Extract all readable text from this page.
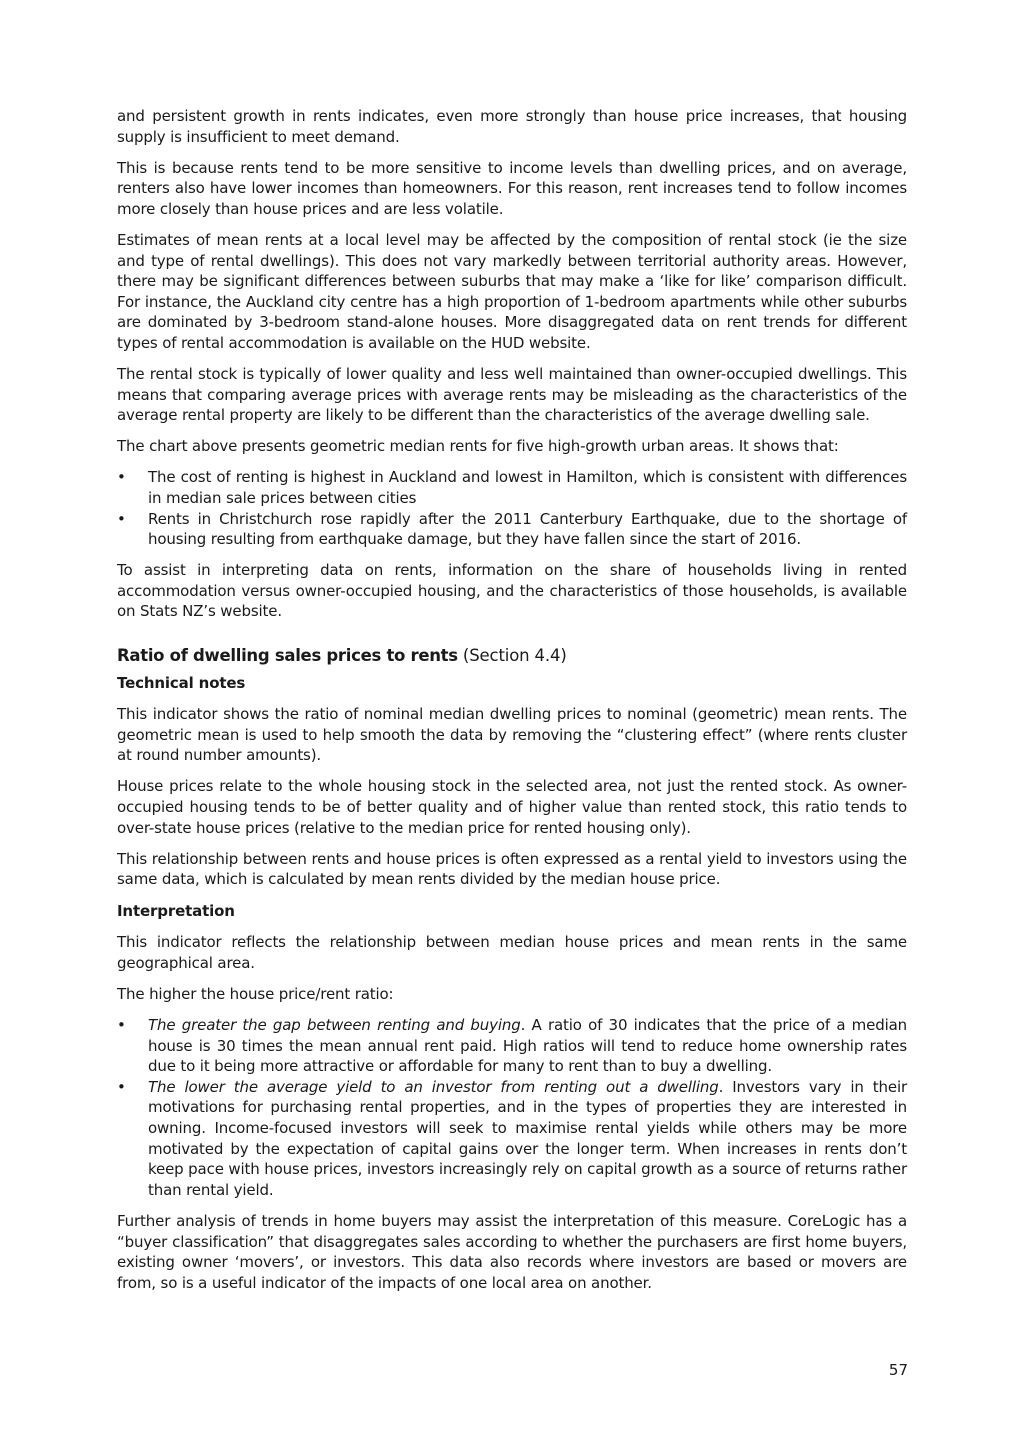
and persistent growth in rents indicates, even more strongly than house price increases, that housing supply is insufficient to meet demand.

This is because rents tend to be more sensitive to income levels than dwelling prices, and on average, renters also have lower incomes than homeowners. For this reason, rent increases tend to follow incomes more closely than house prices and are less volatile.

Estimates of mean rents at a local level may be affected by the composition of rental stock (ie the size and type of rental dwellings). This does not vary markedly between territorial authority areas. However, there may be significant differences between suburbs that may make a ‘like for like’ comparison difficult. For instance, the Auckland city centre has a high proportion of 1-bedroom apartments while other suburbs are dominated by 3-bedroom stand-alone houses. More disaggregated data on rent trends for different types of rental accommodation is available on the HUD website.

The rental stock is typically of lower quality and less well maintained than owner-occupied dwellings. This means that comparing average prices with average rents may be misleading as the characteristics of the average rental property are likely to be different than the characteristics of the average dwelling sale.

The chart above presents geometric median rents for five high-growth urban areas. It shows that:

• The cost of renting is highest in Auckland and lowest in Hamilton, which is consistent with differences in median sale prices between cities
• Rents in Christchurch rose rapidly after the 2011 Canterbury Earthquake, due to the shortage of housing resulting from earthquake damage, but they have fallen since the start of 2016.

To assist in interpreting data on rents, information on the share of households living in rented accommodation versus owner-occupied housing, and the characteristics of those households, is available on Stats NZ’s website.

Ratio of dwelling sales prices to rents (Section 4.4)
Technical notes

This indicator shows the ratio of nominal median dwelling prices to nominal (geometric) mean rents. The geometric mean is used to help smooth the data by removing the “clustering effect” (where rents cluster at round number amounts).

House prices relate to the whole housing stock in the selected area, not just the rented stock. As owner-occupied housing tends to be of better quality and of higher value than rented stock, this ratio tends to over-state house prices (relative to the median price for rented housing only).

This relationship between rents and house prices is often expressed as a rental yield to investors using the same data, which is calculated by mean rents divided by the median house price.

Interpretation

This indicator reflects the relationship between median house prices and mean rents in the same geographical area.

The higher the house price/rent ratio:

• The greater the gap between renting and buying. A ratio of 30 indicates that the price of a median house is 30 times the mean annual rent paid. High ratios will tend to reduce home ownership rates due to it being more attractive or affordable for many to rent than to buy a dwelling.
• The lower the average yield to an investor from renting out a dwelling. Investors vary in their motivations for purchasing rental properties, and in the types of properties they are interested in owning. Income-focused investors will seek to maximise rental yields while others may be more motivated by the expectation of capital gains over the longer term. When increases in rents don’t keep pace with house prices, investors increasingly rely on capital growth as a source of returns rather than rental yield.

Further analysis of trends in home buyers may assist the interpretation of this measure. CoreLogic has a “buyer classification” that disaggregates sales according to whether the purchasers are first home buyers, existing owner ‘movers’, or investors. This data also records where investors are based or movers are from, so is a useful indicator of the impacts of one local area on another.

57
